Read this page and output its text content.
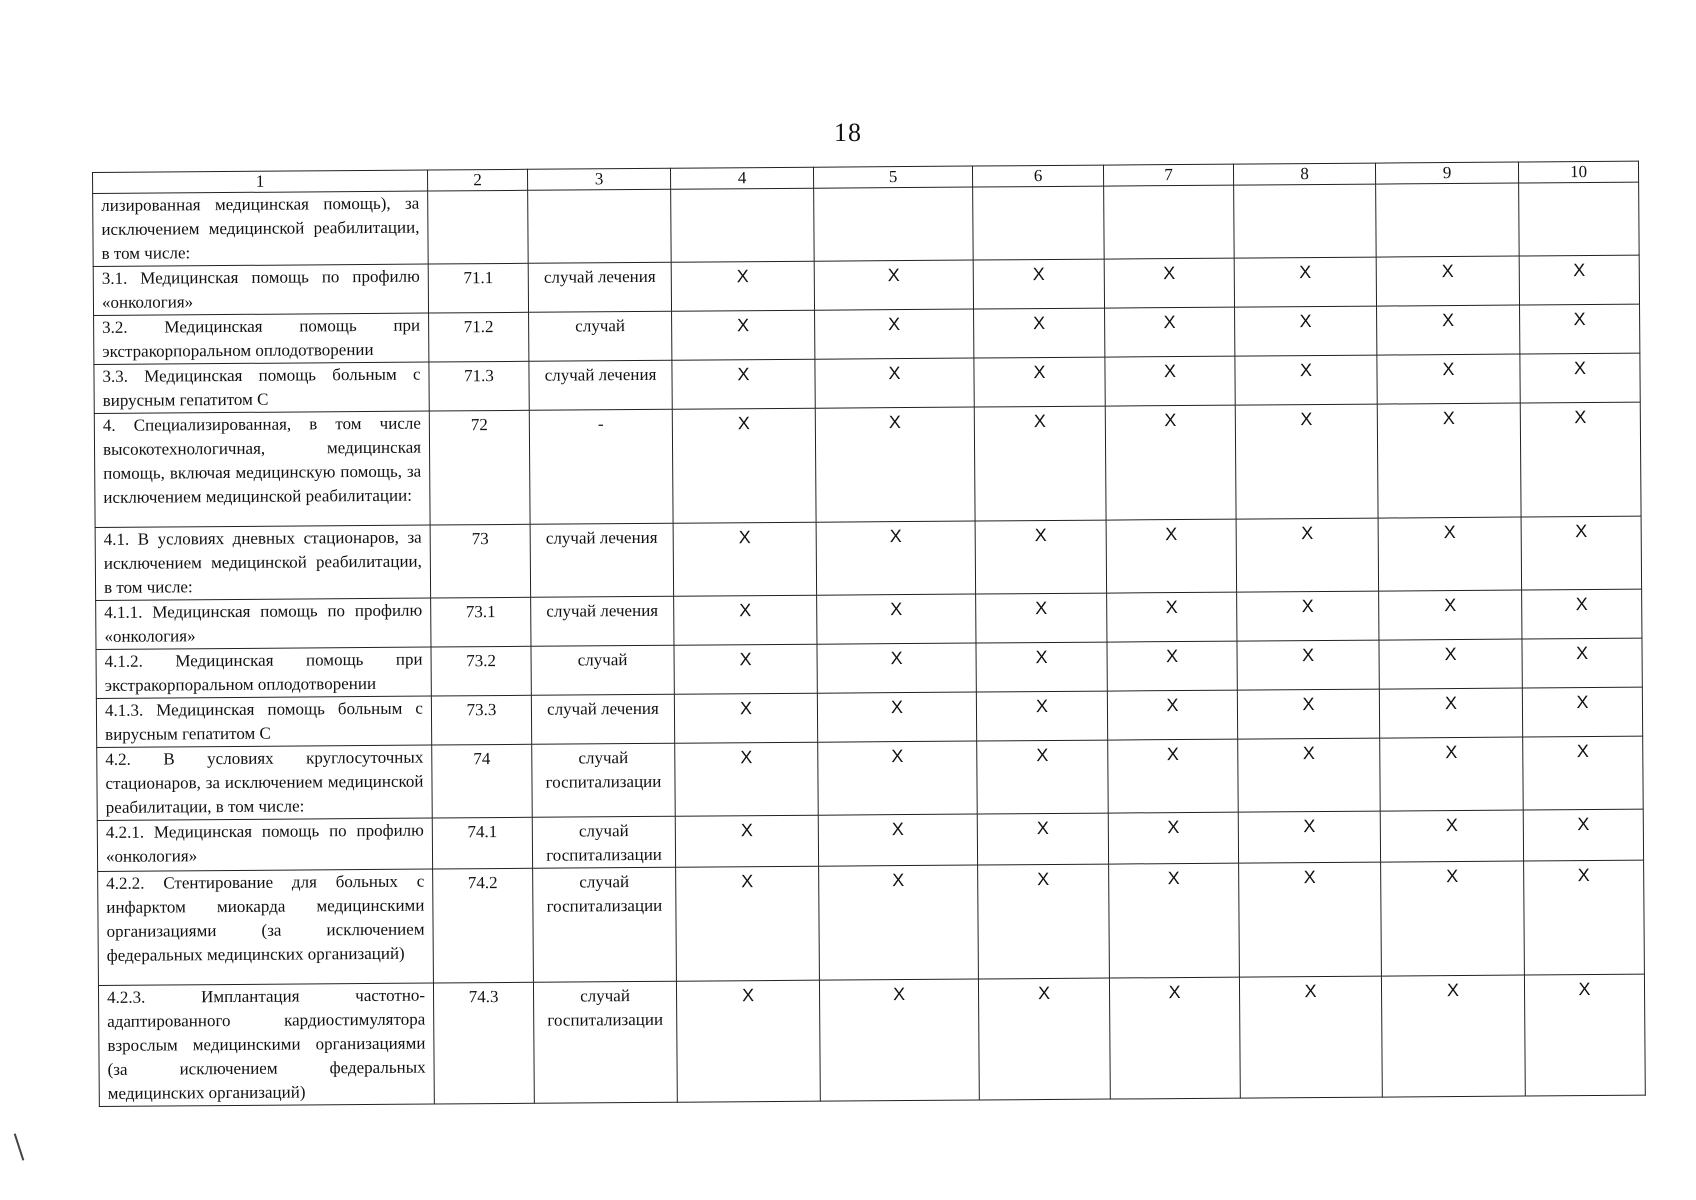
18
1	2	3	4	5	6	7	8	9	10
лизированная медицинская помощь), за исключением медицинской реабилитации, в том числе:									
3.1. Медицинская помощь по профилю «онкология»	71.1	случай лечения	X	X	X	X	X	X	X
3.2. Медицинская помощь при экстракорпоральном оплодотворении	71.2	случай	X	X	X	X	X	X	X
3.3. Медицинская помощь больным с вирусным гепатитом С	71.3	случай лечения	X	X	X	X	X	X	X
4. Специализированная, в том числе высокотехнологичная, медицинская помощь, включая медицинскую помощь, за исключением медицинской реабилитации:	72	-	X	X	X	X	X	X	X
4.1. В условиях дневных стационаров, за исключением медицинской реабилитации, в том числе:	73	случай лечения	X	X	X	X	X	X	X
4.1.1. Медицинская помощь по профилю «онкология»	73.1	случай лечения	X	X	X	X	X	X	X
4.1.2. Медицинская помощь при экстракорпоральном оплодотворении	73.2	случай	X	X	X	X	X	X	X
4.1.3. Медицинская помощь больным с вирусным гепатитом С	73.3	случай лечения	X	X	X	X	X	X	X
4.2. В условиях круглосуточных стационаров, за исключением медицинской реабилитации, в том числе:	74	случай госпитализации	X	X	X	X	X	X	X
4.2.1. Медицинская помощь по профилю «онкология»	74.1	случай госпитализации	X	X	X	X	X	X	X
4.2.2. Стентирование для больных с инфарктом миокарда медицинскими организациями (за исключением федеральных медицинских организаций)	74.2	случай госпитализации	X	X	X	X	X	X	X
4.2.3. Имплантация частотно-адаптированного кардиостимулятора взрослым медицинскими организациями (за исключением федеральных медицинских организаций)	74.3	случай госпитализации	X	X	X	X	X	X	X
